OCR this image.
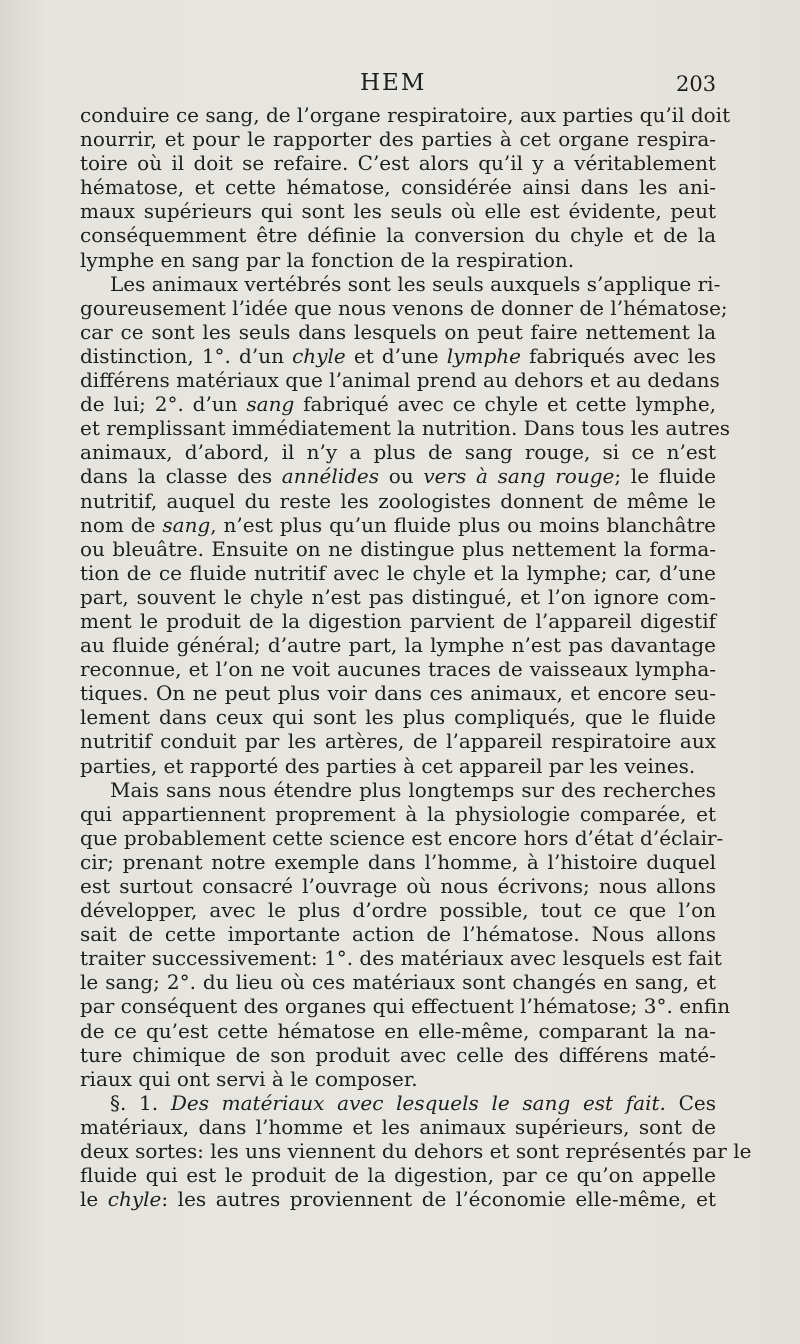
HEM	203
conduire ce sang, de l’organe respiratoire, aux parties qu’il doit
nourrir, et pour le rapporter des parties à cet organe respira-
toire où il doit se refaire. C’est alors qu’il y a véritablement
hématose, et cette hématose, considérée ainsi dans les ani-
maux supérieurs qui sont les seuls où elle est évidente, peut
conséquemment être définie la conversion du chyle et de la
lymphe en sang par la fonction de la respiration.
Les animaux vertébrés sont les seuls auxquels s’applique ri-
goureusement l’idée que nous venons de donner de l’hématose;
car ce sont les seuls dans lesquels on peut faire nettement la
distinction, 1°. d’un chyle et d’une lymphe fabriqués avec les
différens matériaux que l’animal prend au dehors et au dedans
de lui; 2°. d’un sang fabriqué avec ce chyle et cette lymphe,
et remplissant immédiatement la nutrition. Dans tous les autres
animaux, d’abord, il n’y a plus de sang rouge, si ce n’est
dans la classe des annélides ou vers à sang rouge; le fluide
nutritif, auquel du reste les zoologistes donnent de même le
nom de sang, n’est plus qu’un fluide plus ou moins blanchâtre
ou bleuâtre. Ensuite on ne distingue plus nettement la forma-
tion de ce fluide nutritif avec le chyle et la lymphe; car, d’une
part, souvent le chyle n’est pas distingué, et l’on ignore com-
ment le produit de la digestion parvient de l’appareil digestif
au fluide général; d’autre part, la lymphe n’est pas davantage
reconnue, et l’on ne voit aucunes traces de vaisseaux lympha-
tiques. On ne peut plus voir dans ces animaux, et encore seu-
lement dans ceux qui sont les plus compliqués, que le fluide
nutritif conduit par les artères, de l’appareil respiratoire aux
parties, et rapporté des parties à cet appareil par les veines.
Mais sans nous étendre plus longtemps sur des recherches
qui appartiennent proprement à la physiologie comparée, et
que probablement cette science est encore hors d’état d’éclair-
cir; prenant notre exemple dans l’homme, à l’histoire duquel
est surtout consacré l’ouvrage où nous écrivons; nous allons
développer, avec le plus d’ordre possible, tout ce que l’on
sait de cette importante action de l’hématose. Nous allons
traiter successivement: 1°. des matériaux avec lesquels est fait
le sang; 2°. du lieu où ces matériaux sont changés en sang, et
par conséquent des organes qui effectuent l’hématose; 3°. enfin
de ce qu’est cette hématose en elle-même, comparant la na-
ture chimique de son produit avec celle des différens maté-
riaux qui ont servi à le composer.
§. 1. Des matériaux avec lesquels le sang est fait. Ces
matériaux, dans l’homme et les animaux supérieurs, sont de
deux sortes: les uns viennent du dehors et sont représentés par le
fluide qui est le produit de la digestion, par ce qu’on appelle
le chyle: les autres proviennent de l’économie elle-même, et
